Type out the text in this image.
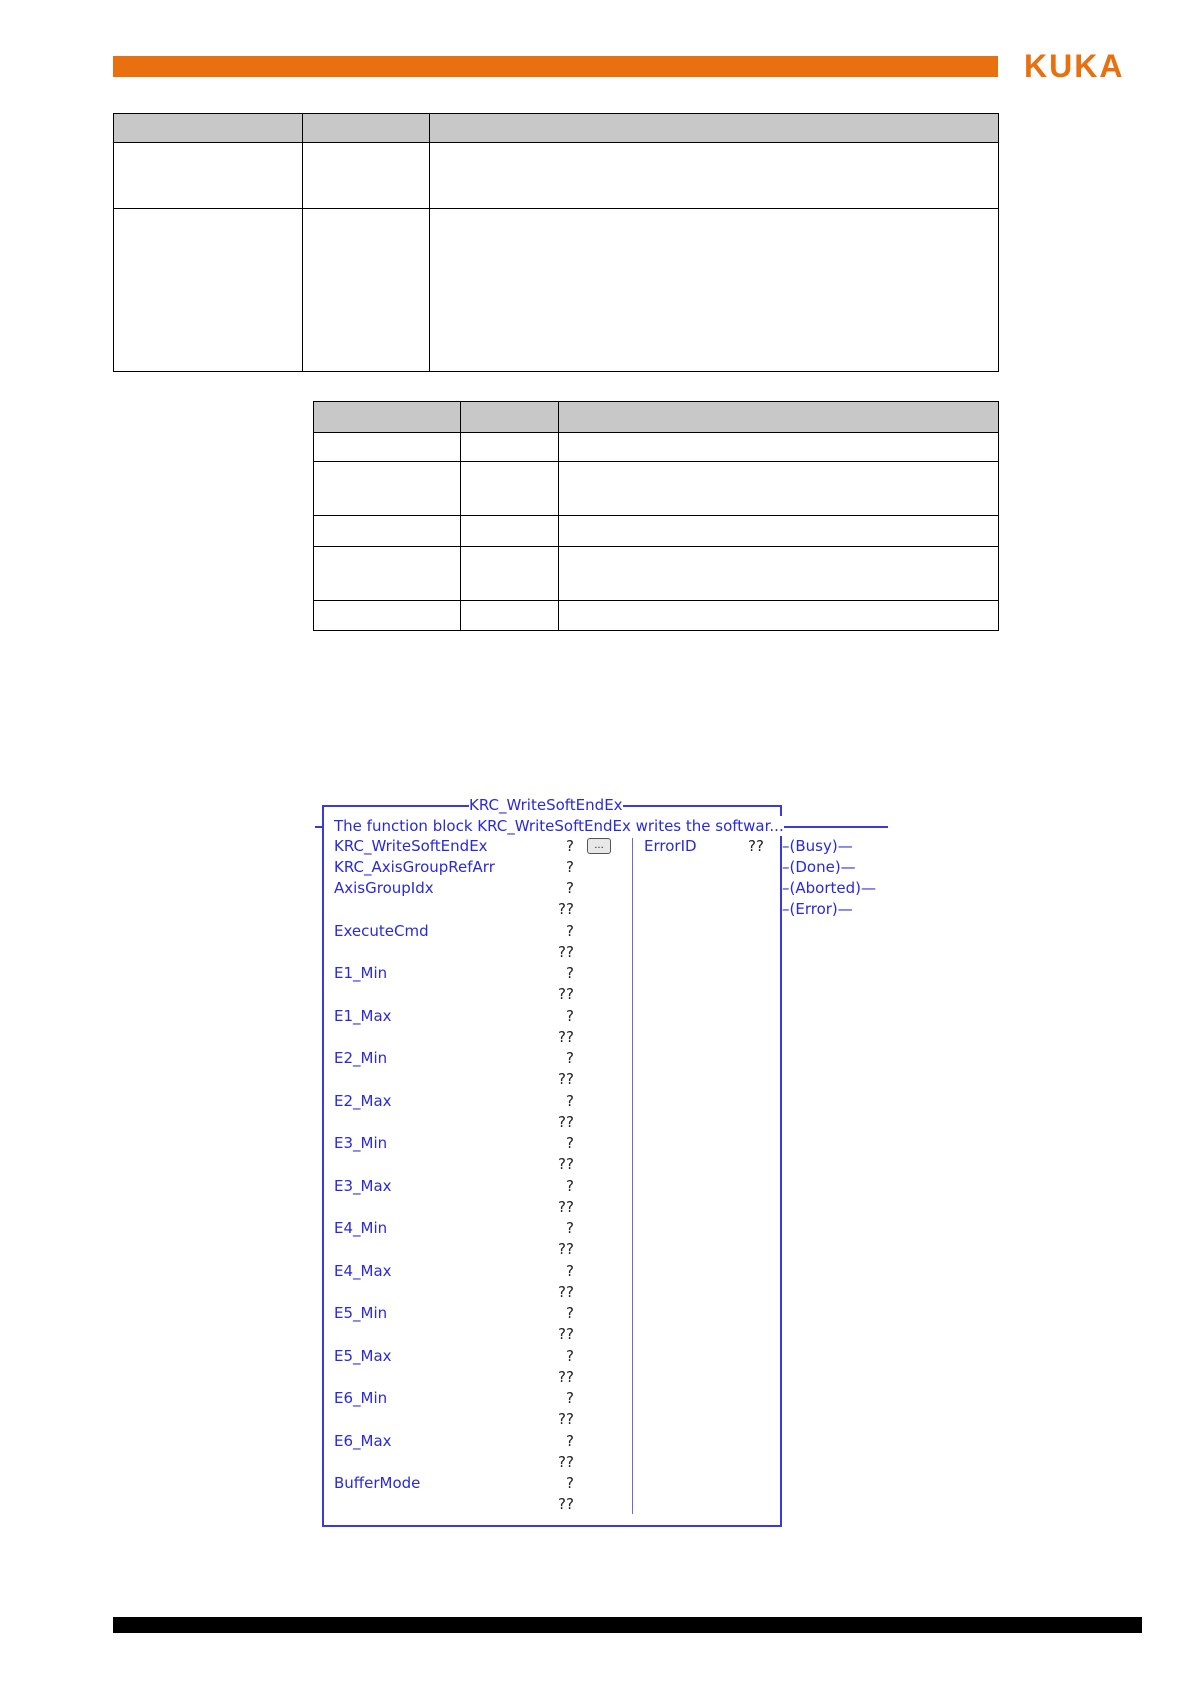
KUKA

KRC_WriteSoftEndEx
The function block KRC_WriteSoftEndEx writes the softwar...
KRC_WriteSoftEndEx	?
KRC_AxisGroupRefArr	?
AxisGroupIdx	?
??
ExecuteCmd	?
??
E1_Min	?
??
E1_Max	?
??
E2_Min	?
??
E2_Max	?
??
E3_Min	?
??
E3_Max	?
??
E4_Min	?
??
E4_Max	?
??
E5_Min	?
??
E5_Max	?
??
E6_Min	?
??
E6_Max	?
??
BufferMode	?
??
...	ErrorID	?? –(Busy)—
–(Done)—
–(Aborted)—
–(Error)—
